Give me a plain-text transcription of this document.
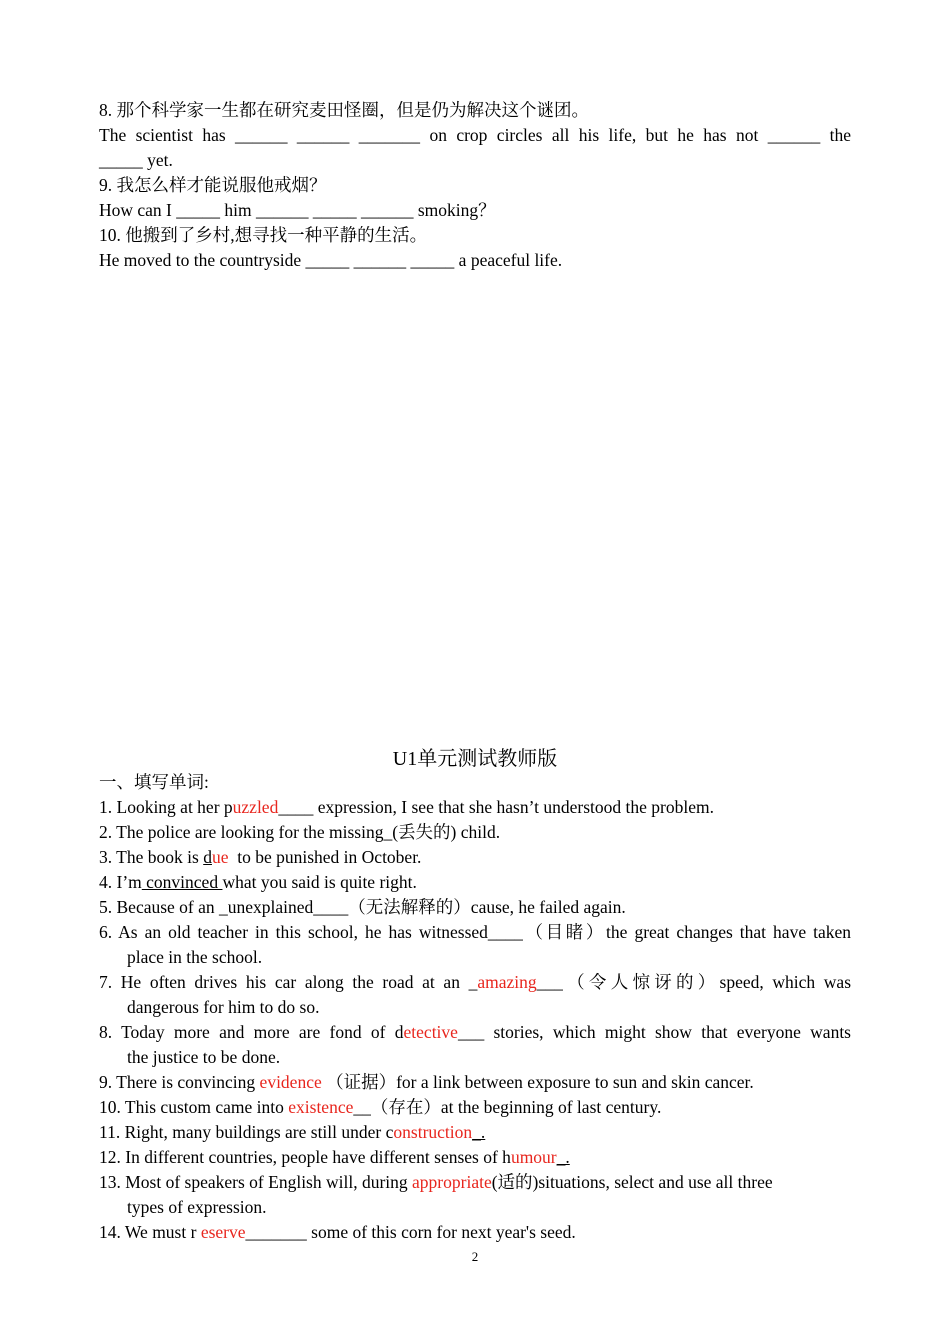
8. 那个科学家一生都在研究麦田怪圈，但是仍为解决这个谜团。
The scientist has ______ ______ _______ on crop circles all his life, but he has not ______ the
_____ yet.
9. 我怎么样才能说服他戒烟？
How can I _____ him ______ _____ ______ smoking？
10. 他搬到了乡村,想寻找一种平静的生活。
He moved to the countryside _____ ______ _____ a peaceful life.
U1单元测试教师版
一、填写单词:
1. Looking at her puzzled____ expression, I see that she hasn’t understood the problem.
2. The police are looking for the missing_(丢失的) child.
3. The book is due  to be punished in October.
4. I’m convinced what you said is quite right.
5. Because of an _unexplained____（无法解释的）cause, he failed again.
6. As an old teacher in this school, he has witnessed____（目睹）the great changes that have taken
place in the school.
7. He often drives his car along the road at an _amazing___（令人惊讶的）speed, which was
dangerous for him to do so.
8. Today more and more are fond of detective___ stories, which might show that everyone wants
the justice to be done.
9. There is convincing evidence （证据）for a link between exposure to sun and skin cancer.
10. This custom came into existence__（存在）at the beginning of last century.
11. Right, many buildings are still under construction_.
12. In different countries, people have different senses of humour_.
13. Most of speakers of English will, during appropriate(适的)situations, select and use all three
types of expression.
14. We must r eserve_______ some of this corn for next year's seed.
2
